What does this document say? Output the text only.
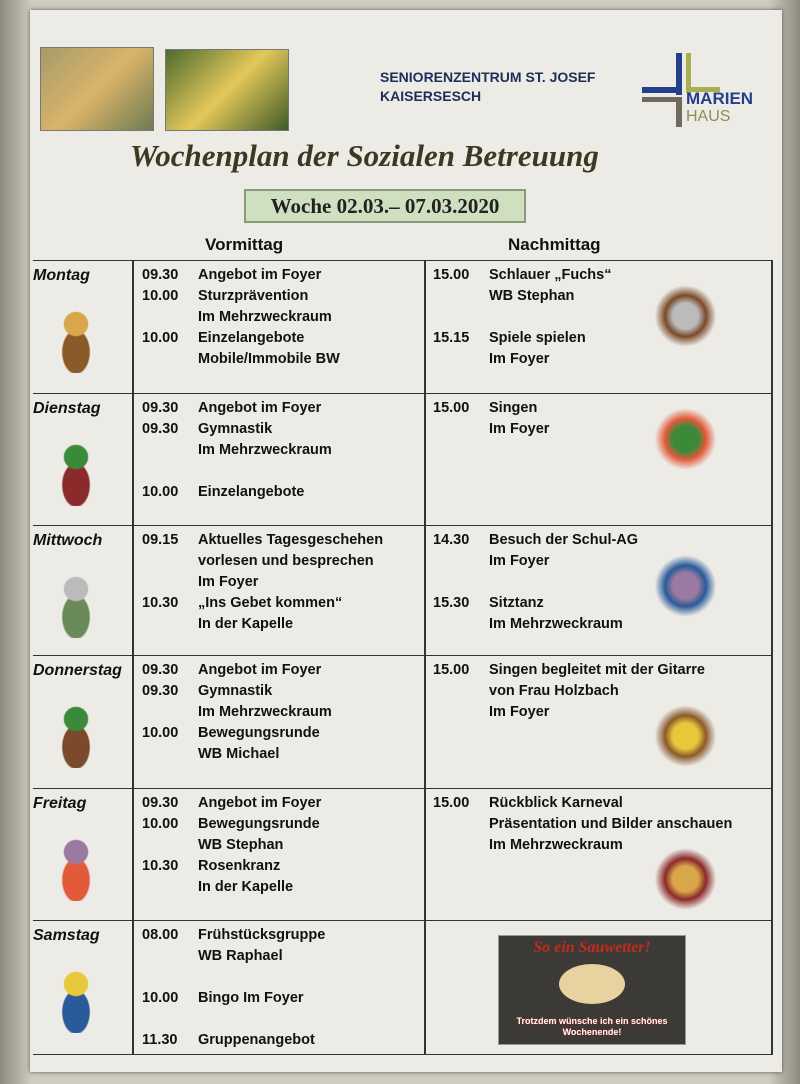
SENIORENZENTRUM ST. JOSEF
KAISERSESCH	MARIEN
HAUS
Wochenplan der Sozialen Betreuung
Woche 02.03.– 07.03.2020
Vormittag	Nachmittag
Montag	09.30	Angebot im Foyer
10.00	Sturzprävention
Im Mehrzweckraum
10.00	Einzelangebote
Mobile/Immobile BW
15.00	Schlauer „Fuchs“
WB Stephan
15.15	Spiele spielen
Im Foyer
Dienstag	09.30	Angebot im Foyer
09.30	Gymnastik
Im Mehrzweckraum
10.00	Einzelangebote
15.00	Singen
Im Foyer
Mittwoch	09.15	Aktuelles Tagesgeschehen
vorlesen und besprechen
Im Foyer
10.30	„Ins Gebet kommen“
In der Kapelle
14.30	Besuch der Schul-AG
Im Foyer
15.30	Sitztanz
Im Mehrzweckraum
Donnerstag 09.30	Angebot im Foyer
09.30	Gymnastik
Im Mehrzweckraum
10.00	Bewegungsrunde
WB Michael
15.00	Singen begleitet mit der Gitarre
von Frau Holzbach
Im Foyer
Freitag	09.30	Angebot im Foyer
10.00	Bewegungsrunde
WB Stephan
10.30	Rosenkranz
In der Kapelle
15.00	Rückblick Karneval
Präsentation und Bilder anschauen
Im Mehrzweckraum
Samstag	08.00	Frühstücksgruppe
WB Raphael
10.00	Bingo Im Foyer
11.30	Gruppenangebot
So ein Sauwetter!
Trotzdem wünsche ich ein schönes Wochenende!
